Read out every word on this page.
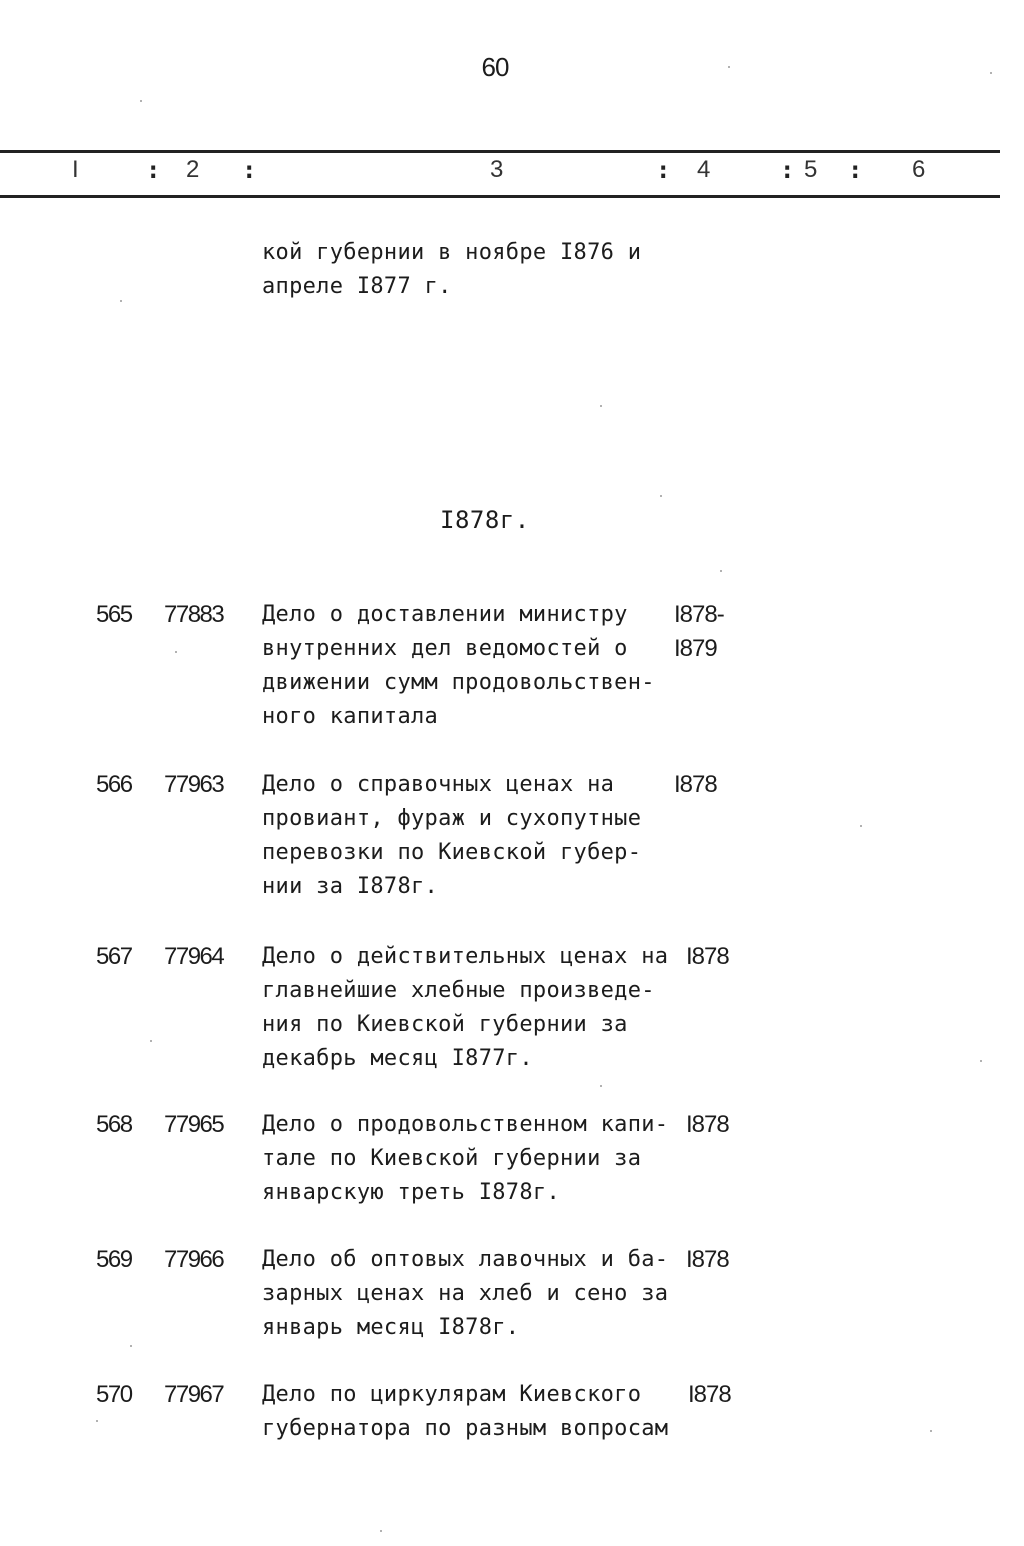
60
I	: 2 :	3	: 4	: 5 : 6
кой губернии в ноябре I876 и
апреле I877 г.
I878г.
565 77883 Дело о доставлении министру
внутренних дел ведомостей о
движении сумм продовольствен-
ного капитала
I878-
I879
566 77963 Дело о справочных ценах на
провиант, фураж и сухопутные
перевозки по Киевской губер-
нии за I878г.
I878
567 77964 Дело о действительных ценах на
главнейшие хлебные произведе-
ния по Киевской губернии за
декабрь месяц I877г.
I878
568 77965 Дело о продовольственном капи-
тале по Киевской губернии за
январскую треть I878г.
I878
569 77966 Дело об оптовых лавочных и ба-
зарных ценах на хлеб и сено за
январь месяц I878г.
I878
570 77967 Дело по циркулярам Киевского
губернатора по разным вопросам
I878
